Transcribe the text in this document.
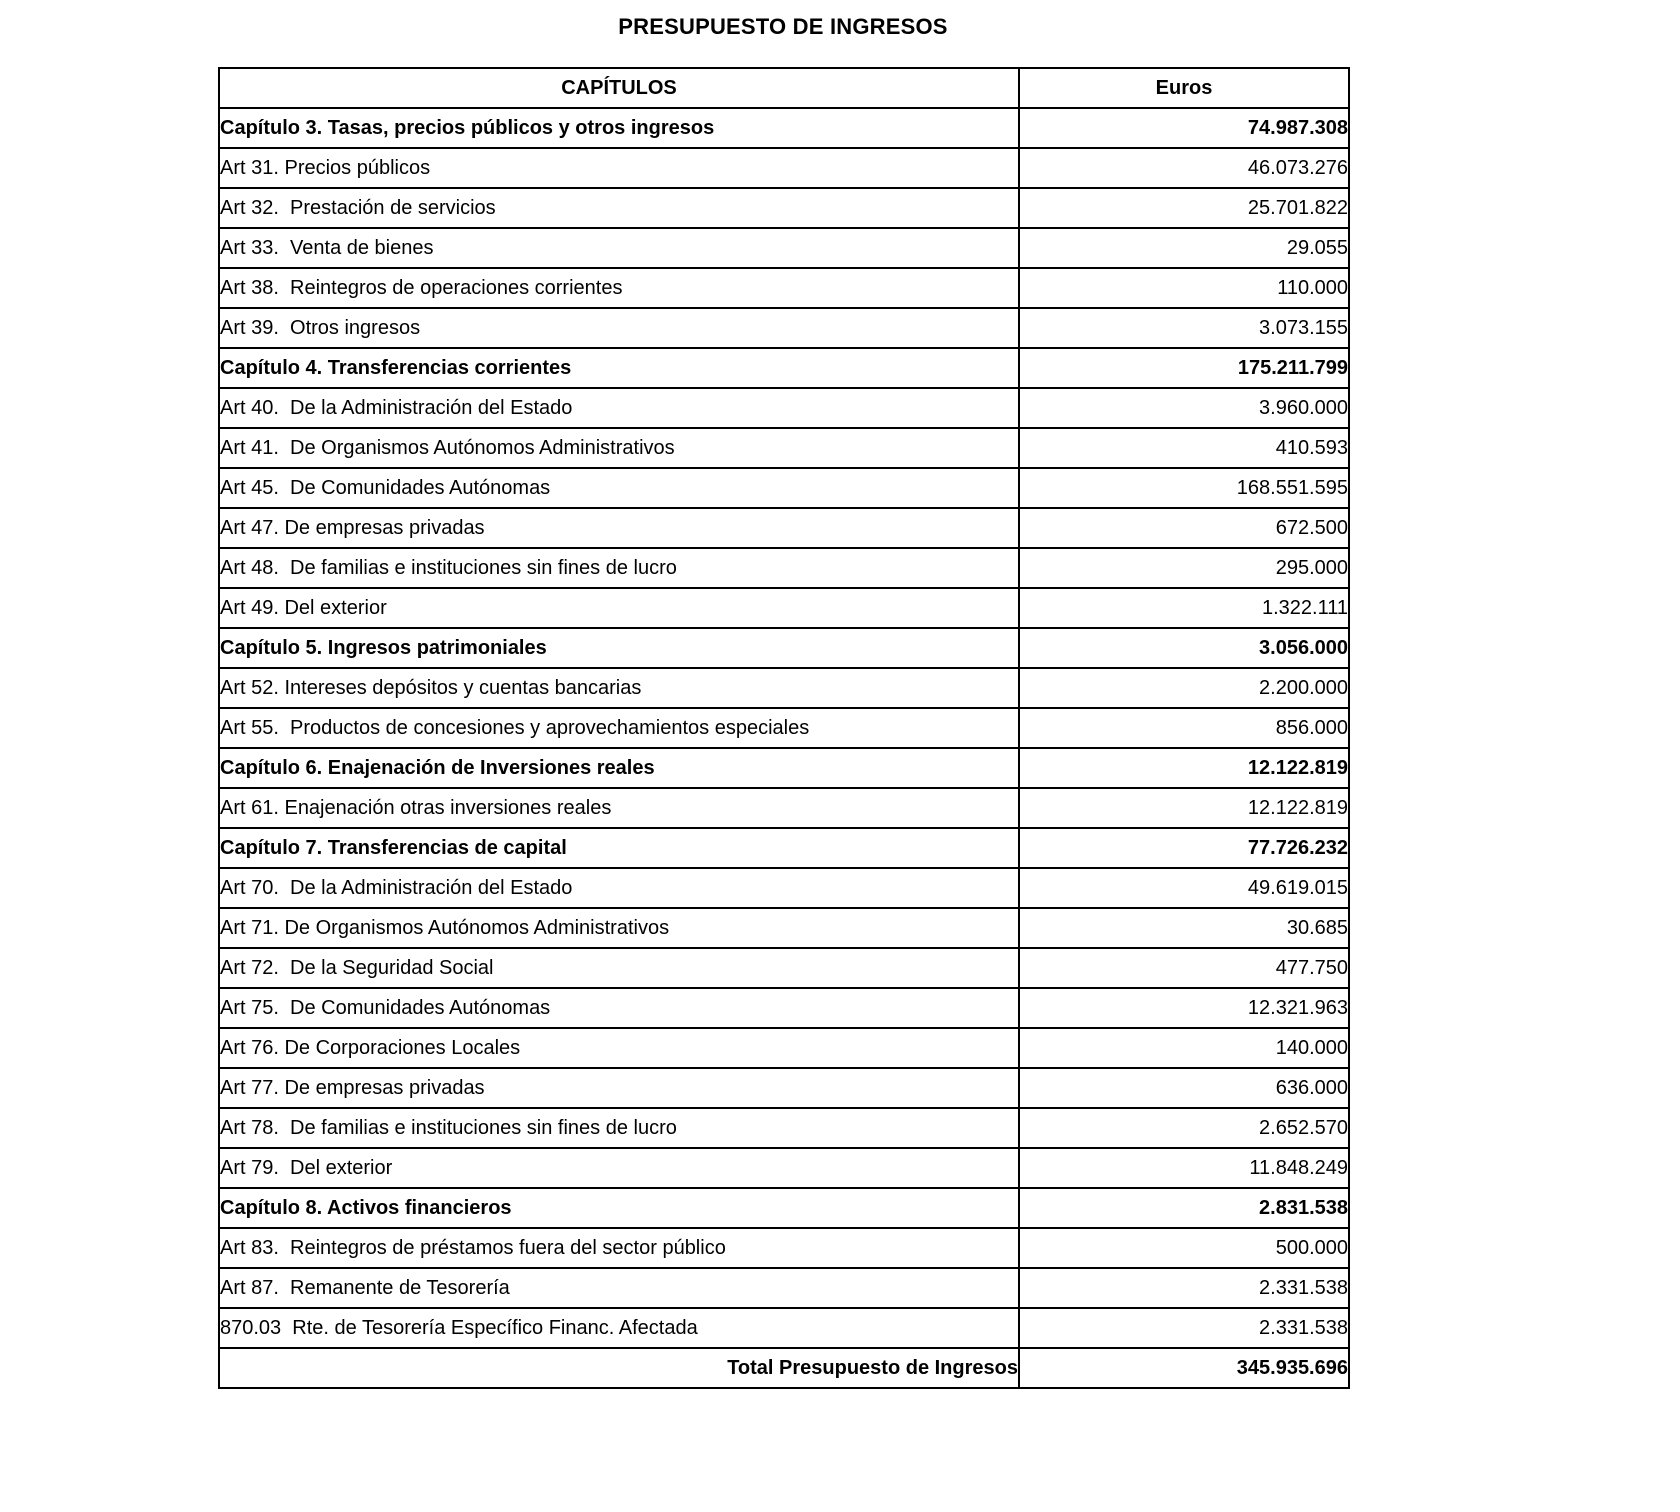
PRESUPUESTO DE INGRESOS
CAPÍTULOS	Euros
Capítulo 3. Tasas, precios públicos y otros ingresos	74.987.308
Art 31. Precios públicos	46.073.276
Art 32.  Prestación de servicios	25.701.822
Art 33.  Venta de bienes	29.055
Art 38.  Reintegros de operaciones corrientes	110.000
Art 39.  Otros ingresos	3.073.155
Capítulo 4. Transferencias corrientes	175.211.799
Art 40.  De la Administración del Estado	3.960.000
Art 41.  De Organismos Autónomos Administrativos	410.593
Art 45.  De Comunidades Autónomas	168.551.595
Art 47. De empresas privadas	672.500
Art 48.  De familias e instituciones sin fines de lucro	295.000
Art 49. Del exterior	1.322.111
Capítulo 5. Ingresos patrimoniales	3.056.000
Art 52. Intereses depósitos y cuentas bancarias	2.200.000
Art 55.  Productos de concesiones y aprovechamientos especiales	856.000
Capítulo 6. Enajenación de Inversiones reales	12.122.819
Art 61. Enajenación otras inversiones reales	12.122.819
Capítulo 7. Transferencias de capital	77.726.232
Art 70.  De la Administración del Estado	49.619.015
Art 71. De Organismos Autónomos Administrativos	30.685
Art 72.  De la Seguridad Social	477.750
Art 75.  De Comunidades Autónomas	12.321.963
Art 76. De Corporaciones Locales	140.000
Art 77. De empresas privadas	636.000
Art 78.  De familias e instituciones sin fines de lucro	2.652.570
Art 79.  Del exterior	11.848.249
Capítulo 8. Activos financieros	2.831.538
Art 83.  Reintegros de préstamos fuera del sector público	500.000
Art 87.  Remanente de Tesorería	2.331.538
870.03  Rte. de Tesorería Específico Financ. Afectada	2.331.538
Total Presupuesto de Ingresos	345.935.696
